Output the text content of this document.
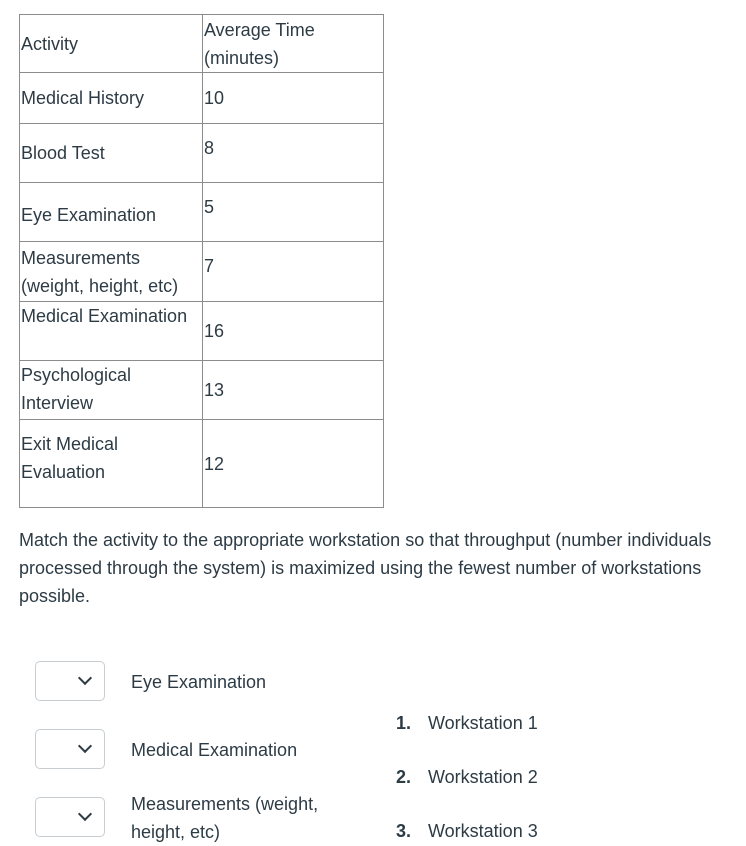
Activity	Average Time (minutes)
Medical History	10
Blood Test	8
Eye Examination	5
Measurements (weight, height, etc)	7
Medical Examination	16
Psychological Interview	13
Exit Medical Evaluation	12

Match the activity to the appropriate workstation so that throughput (number individuals processed through the system) is maximized using the fewest number of workstations possible.

Eye Examination
Medical Examination
Measurements (weight, height, etc)
1. Workstation 1
2. Workstation 2
3. Workstation 3
